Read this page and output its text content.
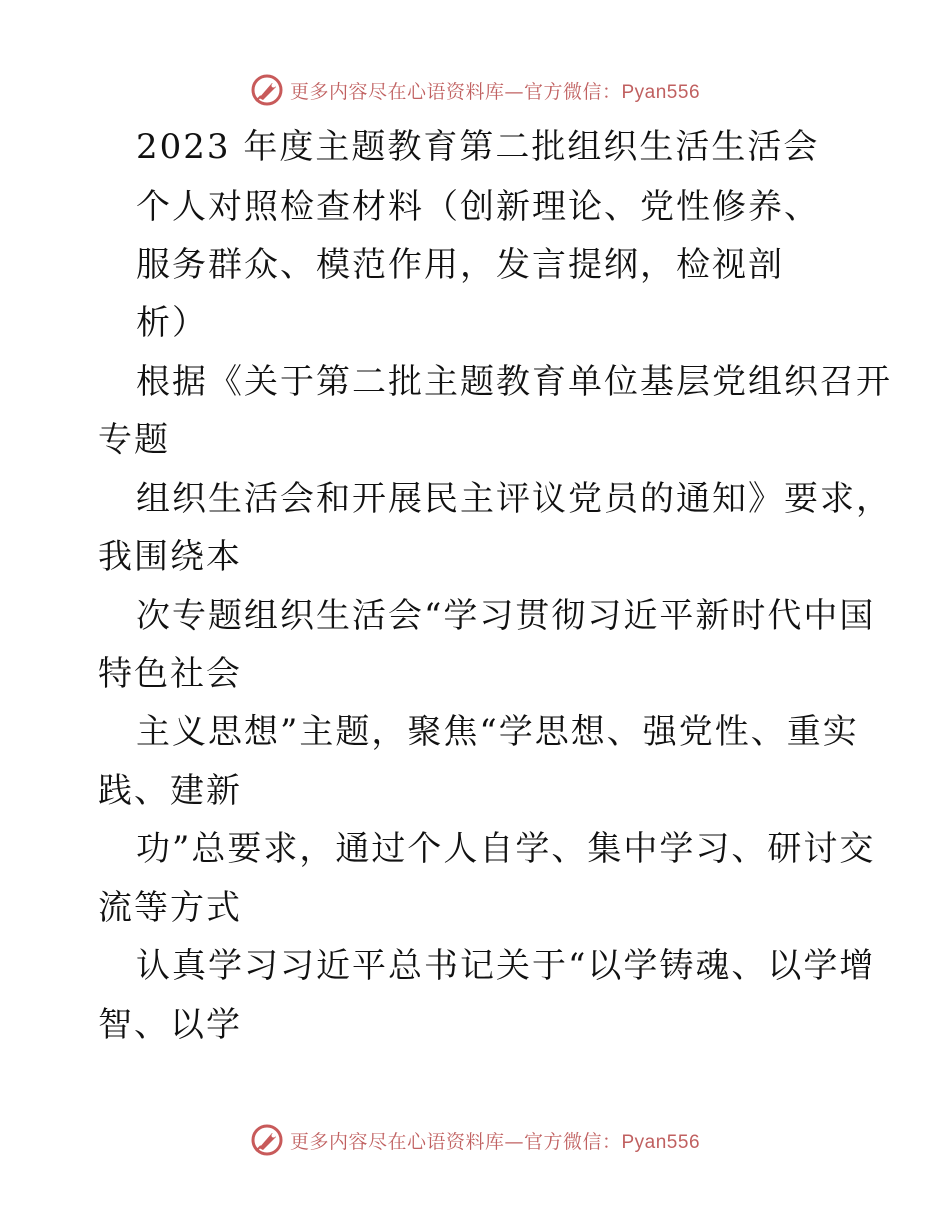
更多内容尽在心语资料库—官方微信：Pyan556
2023 年度主题教育第二批组织生活生活会
个人对照检查材料（创新理论、党性修养、
服务群众、模范作用，发言提纲，检视剖
析）
根据《关于第二批主题教育单位基层党组织召开
专题
组织生活会和开展民主评议党员的通知》要求，
我围绕本
次专题组织生活会“学习贯彻习近平新时代中国
特色社会
主义思想”主题，聚焦“学思想、强党性、重实
践、建新
功”总要求，通过个人自学、集中学习、研讨交
流等方式
认真学习习近平总书记关于“以学铸魂、以学增
智、以学
更多内容尽在心语资料库—官方微信：Pyan556
